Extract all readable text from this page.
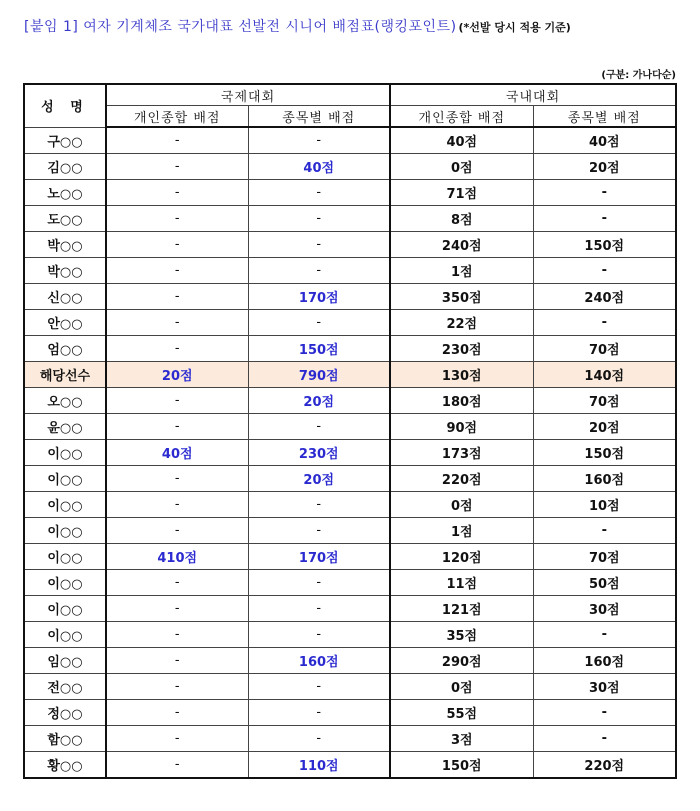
[붙임 1] 여자 기계체조 국가대표 선발전 시니어 배점표(랭킹포인트) (*선발 당시 적용 기준)
(구분: 가나다순)
성 명	국제대회		국내대회	
	개인종합 배점	종목별 배점	개인종합 배점	종목별 배점
구○○	-	-	40점	40점
김○○	-	40점	0점	20점
노○○	-	-	71점	-
도○○	-	-	8점	-
박○○	-	-	240점	150점
박○○	-	-	1점	-
신○○	-	170점	350점	240점
안○○	-	-	22점	-
엄○○	-	150점	230점	70점
해당선수	20점	790점	130점	140점
오○○	-	20점	180점	70점
윤○○	-	-	90점	20점
이○○	40점	230점	173점	150점
이○○	-	20점	220점	160점
이○○	-	-	0점	10점
이○○	-	-	1점	-
이○○	410점	170점	120점	70점
이○○	-	-	11점	50점
이○○	-	-	121점	30점
이○○	-	-	35점	-
임○○	-	160점	290점	160점
전○○	-	-	0점	30점
정○○	-	-	55점	-
함○○	-	-	3점	-
황○○	-	110점	150점	220점
